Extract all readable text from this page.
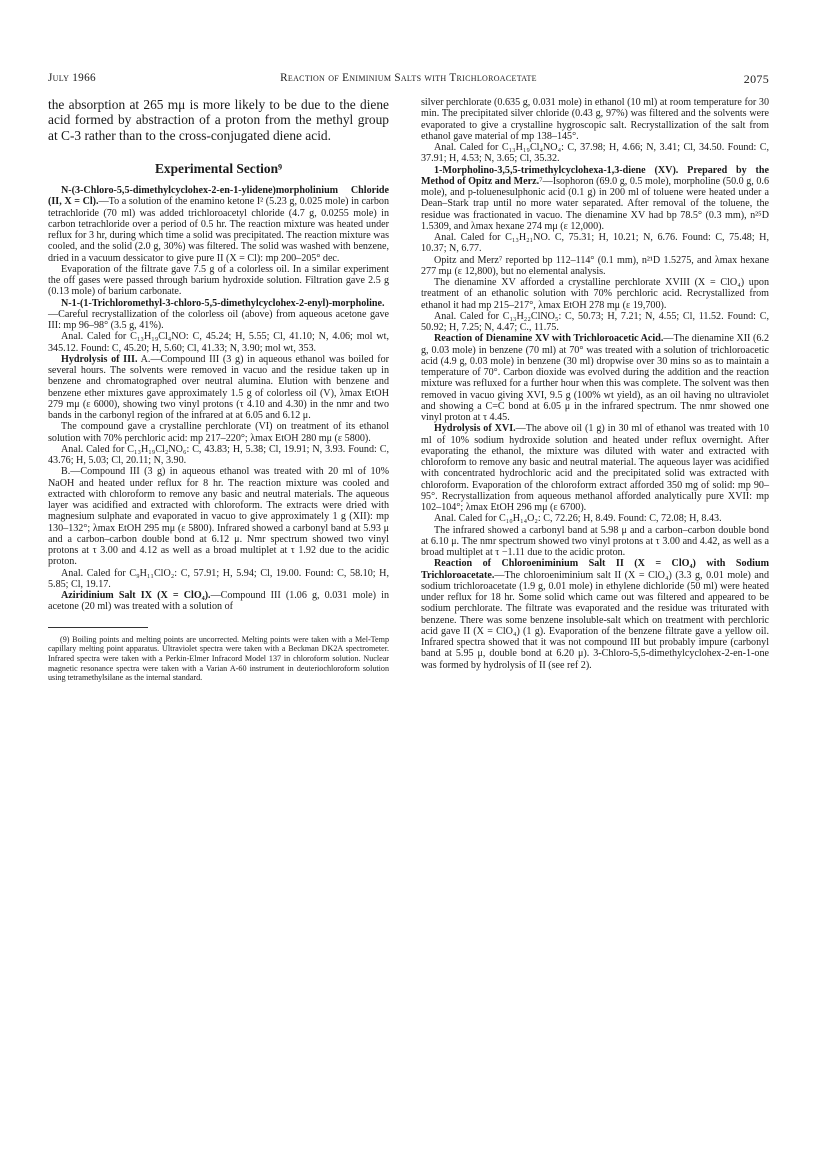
July 1966	Reaction of Eniminium Salts with Trichloroacetate	2075

the absorption at 265 mμ is more likely to be due to the diene acid formed by abstraction of a proton from the methyl group at C-3 rather than to the cross-conjugated diene acid.

Experimental Section⁹

N-(3-Chloro-5,5-dimethylcyclohex-2-en-1-ylidene)morpholinium Chloride (II, X = Cl).—To a solution of the enamino ketone I² (5.23 g, 0.025 mole) in carbon tetrachloride (70 ml) was added trichloroacetyl chloride (4.7 g, 0.0255 mole) in carbon tetrachloride over a period of 0.5 hr. The reaction mixture was heated under reflux for 3 hr, during which time a solid was precipitated. The reaction mixture was cooled, and the solid (2.0 g, 30%) was filtered. The solid was washed with benzene, dried in a vacuum dessicator to give pure II (X = Cl): mp 200–205° dec.

Evaporation of the filtrate gave 7.5 g of a colorless oil. In a similar experiment the off gases were passed through barium hydroxide solution. Filtration gave 2.5 g (0.13 mole) of barium carbonate.

N-1-(1-Trichloromethyl-3-chloro-5,5-dimethylcyclohex-2-enyl)-morpholine.—Careful recrystallization of the colorless oil (above) from aqueous acetone gave III: mp 96–98° (3.5 g, 41%).

Anal. Caled for C₁₃H₁₉Cl₄NO: C, 45.24; H, 5.55; Cl, 41.10; N, 4.06; mol wt, 345.12. Found: C, 45.20; H, 5.60; Cl, 41.33; N, 3.90; mol wt, 353.

Hydrolysis of III. A.—Compound III (3 g) in aqueous ethanol was boiled for several hours. The solvents were removed in vacuo and the residue taken up in benzene and chromatographed over neutral alumina. Elution with benzene and benzene ether mixtures gave approximately 1.5 g of colorless oil (V), λmax EtOH 279 mμ (ε 6000), showing two vinyl protons (τ 4.10 and 4.30) in the nmr and two bands in the carbonyl region of the infrared at at 6.05 and 6.12 μ.

The compound gave a crystalline perchlorate (VI) on treatment of its ethanol solution with 70% perchloric acid: mp 217–220°; λmax EtOH 280 mμ (ε 5800).

Anal. Caled for C₁₃H₁₉Cl₂NO₆: C, 43.83; H, 5.38; Cl, 19.91; N, 3.93. Found: C, 43.76; H, 5.03; Cl, 20.11; N, 3.90.

B.—Compound III (3 g) in aqueous ethanol was treated with 20 ml of 10% NaOH and heated under reflux for 8 hr. The reaction mixture was cooled and extracted with chloroform to remove any basic and neutral materials. The aqueous layer was acidified and extracted with chloroform. The extracts were dried with magnesium sulphate and evaporated in vacuo to give approximately 1 g (XII): mp 130–132°; λmax EtOH 295 mμ (ε 5800). Infrared showed a carbonyl band at 5.93 μ and a carbon–carbon double bond at 6.12 μ. Nmr spectrum showed two vinyl protons at τ 3.00 and 4.12 as well as a broad multiplet at τ 1.92 due to the acidic proton.

Anal. Caled for C₉H₁₁ClO₂: C, 57.91; H, 5.94; Cl, 19.00. Found: C, 58.10; H, 5.85; Cl, 19.17.

Aziridinium Salt IX (X = ClO₄).—Compound III (1.06 g, 0.031 mole) in acetone (20 ml) was treated with a solution of

(9) Boiling points and melting points are uncorrected. Melting points were taken with a Mel-Temp capillary melting point apparatus. Ultraviolet spectra were taken with a Beckman DK2A spectrometer. Infrared spectra were taken with a Perkin-Elmer Infracord Model 137 in chloroform solution. Nuclear magnetic resonance spectra were taken with a Varian A-60 instrument in deuteriochloroform solution using tetramethylsilane as the internal standard.

silver perchlorate (0.635 g, 0.031 mole) in ethanol (10 ml) at room temperature for 30 min. The precipitated silver chloride (0.43 g, 97%) was filtered and the solvents were evaporated to give a crystalline hygroscopic salt. Recrystallization of the salt from ethanol gave material of mp 138–145°.

Anal. Caled for C₁₃H₁₉Cl₄NO₄: C, 37.98; H, 4.66; N, 3.41; Cl, 34.50. Found: C, 37.91; H, 4.53; N, 3.65; Cl, 35.32.

1-Morpholino-3,5,5-trimethylcyclohexa-1,3-diene (XV). Prepared by the Method of Opitz and Merz.⁷—Isophoron (69.0 g, 0.5 mole), morpholine (50.0 g, 0.6 mole), and p-toluenesulphonic acid (0.1 g) in 200 ml of toluene were heated under a Dean–Stark trap until no more water separated. After removal of the toluene, the residue was fractionated in vacuo. The dienamine XV had bp 78.5° (0.3 mm), n²⁵D 1.5309, and λmax hexane 274 mμ (ε 12,000).

Anal. Caled for C₁₃H₂₁NO. C, 75.31; H, 10.21; N, 6.76. Found: C, 75.48; H, 10.37; N, 6.77.

Opitz and Merz⁷ reported bp 112–114° (0.1 mm), n²¹D 1.5275, and λmax hexane 277 mμ (ε 12,800), but no elemental analysis.

The dienamine XV afforded a crystalline perchlorate XVIII (X = ClO₄) upon treatment of an ethanolic solution with 70% perchloric acid. Recrystallized from ethanol it had mp 215–217°, λmax EtOH 278 mμ (ε 19,700).

Anal. Caled for C₁₃H₂₂ClNO₅: C, 50.73; H, 7.21; N, 4.55; Cl, 11.52. Found: C, 50.92; H, 7.25; N, 4.47; C., 11.75.

Reaction of Dienamine XV with Trichloroacetic Acid.—The dienamine XII (6.2 g, 0.03 mole) in benzene (70 ml) at 70° was treated with a solution of trichloroacetic acid (4.9 g, 0.03 mole) in benzene (30 ml) dropwise over 30 mins so as to maintain a temperature of 70°. Carbon dioxide was evolved during the addition and the reaction mixture was refluxed for a further hour when this was complete. The solvent was then removed in vacuo giving XVI, 9.5 g (100% wt yield), as an oil having no ultraviolet and showing a C=C bond at 6.05 μ in the infrared spectrum. The nmr showed one vinyl proton at τ 4.45.

Hydrolysis of XVI.—The above oil (1 g) in 30 ml of ethanol was treated with 10 ml of 10% sodium hydroxide solution and heated under reflux overnight. After evaporating the ethanol, the mixture was diluted with water and extracted with chloroform to remove any basic and neutral material. The aqueous layer was acidified with concentrated hydrochloric acid and the precipitated solid was extracted with chloroform. Evaporation of the chloroform extract afforded 350 mg of solid: mp 90–95°. Recrystallization from aqueous methanol afforded analytically pure XVII: mp 102–104°; λmax EtOH 296 mμ (ε 6700).

Anal. Caled for C₁₀H₁₄O₂: C, 72.26; H, 8.49. Found: C, 72.08; H, 8.43.

The infrared showed a carbonyl band at 5.98 μ and a carbon–carbon double bond at 6.10 μ. The nmr spectrum showed two vinyl protons at τ 3.00 and 4.42, as well as a broad multiplet at τ −1.11 due to the acidic proton.

Reaction of Chloroeniminium Salt II (X = ClO₄) with Sodium Trichloroacetate.—The chloroeniminium salt II (X = ClO₄) (3.3 g, 0.01 mole) and sodium trichloroacetate (1.9 g, 0.01 mole) in ethylene dichloride (50 ml) were heated under reflux for 18 hr. Some solid which came out was filtered and appeared to be sodium perchlorate. The filtrate was evaporated and the residue was triturated with benzene. There was some benzene insoluble-salt which on treatment with perchloric acid gave II (X = ClO₄) (1 g). Evaporation of the benzene filtrate gave a yellow oil. Infrared spectra showed that it was not compound III but probably impure (carbonyl band at 5.95 μ, double bond at 6.20 μ). 3-Chloro-5,5-dimethylcyclohex-2-en-1-one was formed by hydrolysis of II (see ref 2).
